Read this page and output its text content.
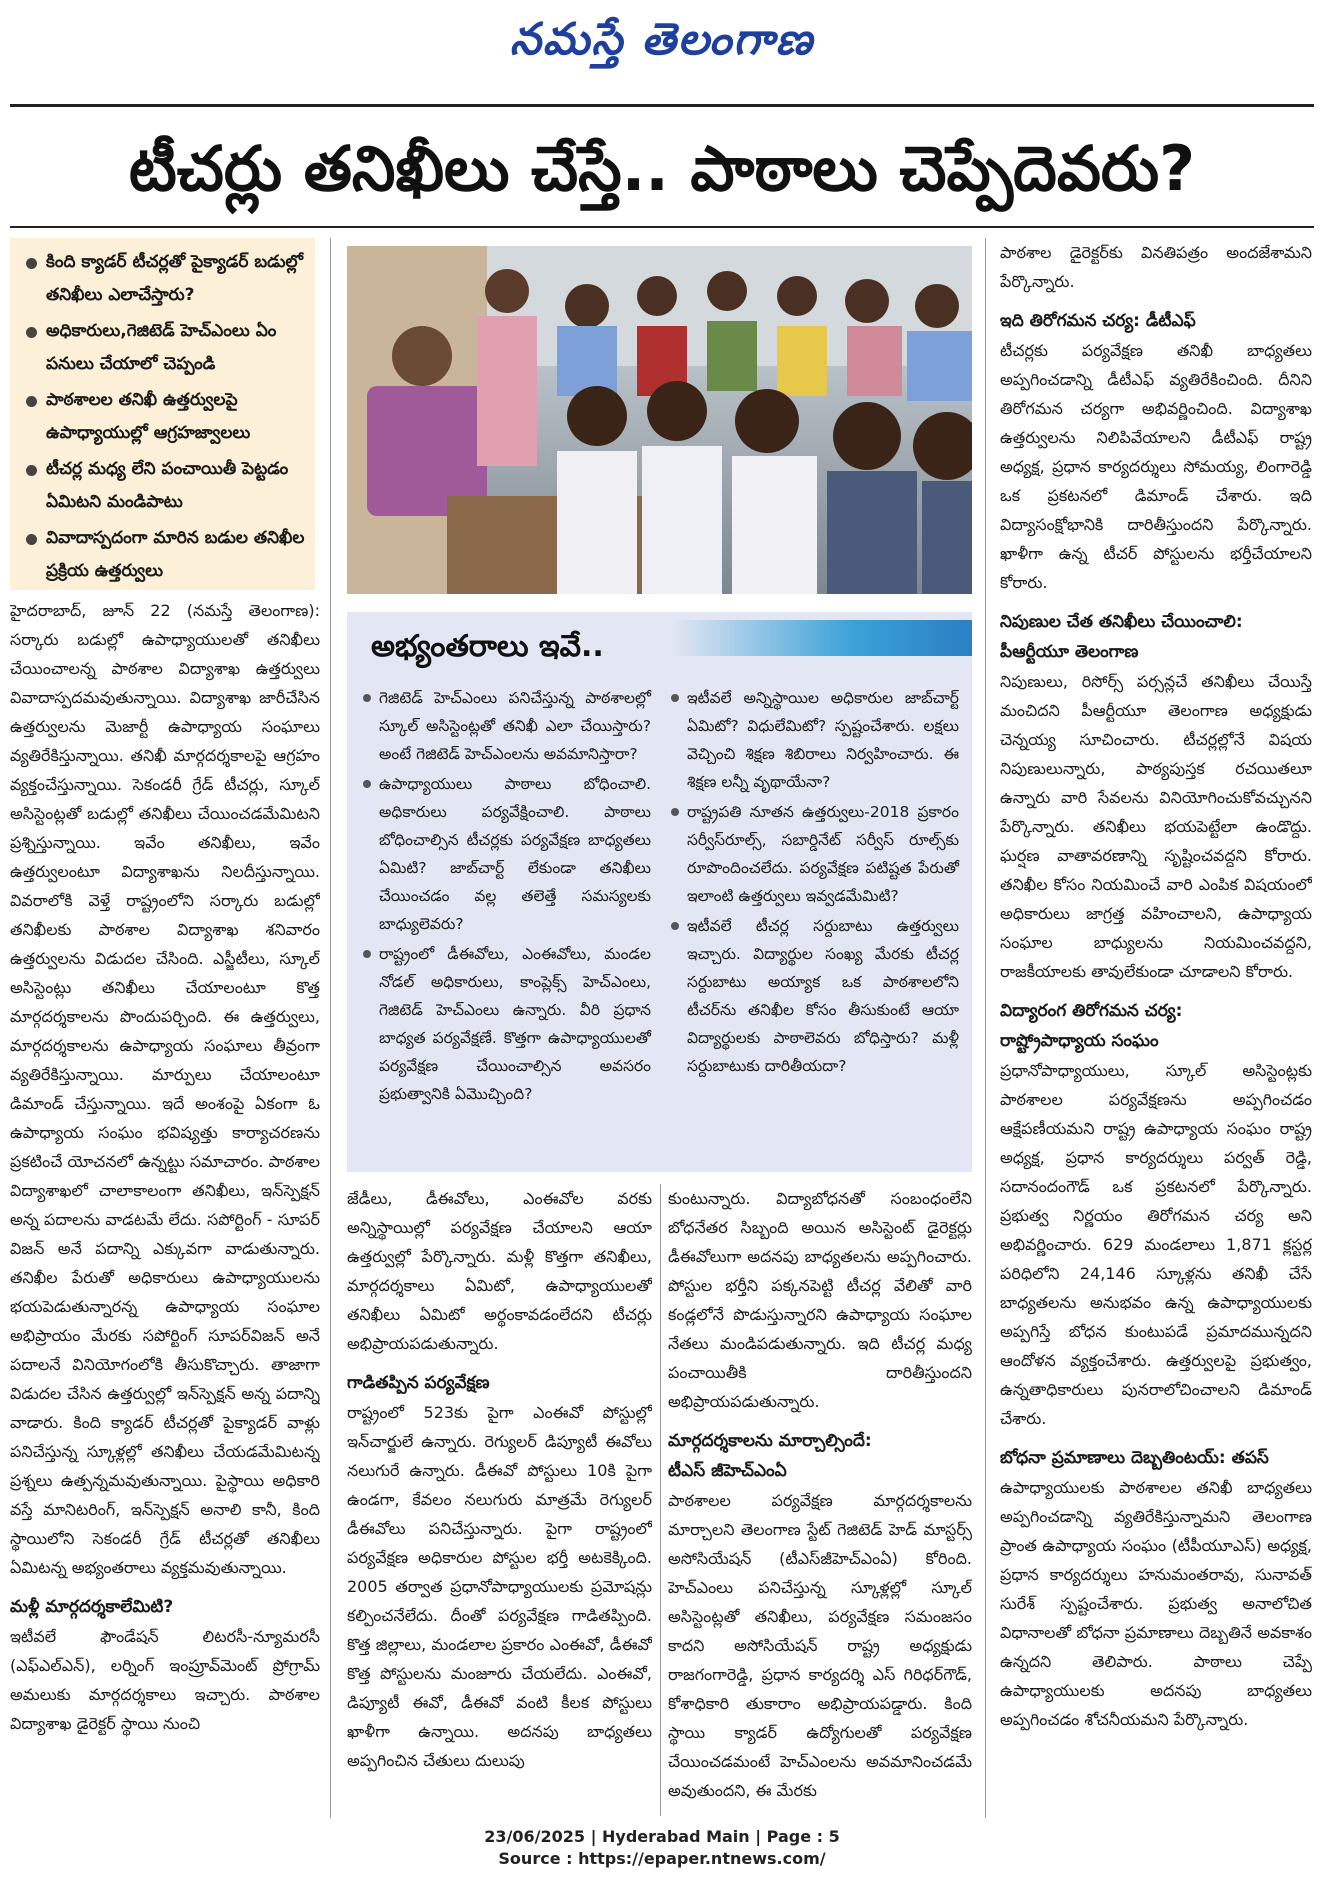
నమస్తే తెలంగాణ
టీచర్లు తనిఖీలు చేస్తే.. పాఠాలు చెప్పేదెవరు?
కింది క్యాడర్ టీచర్లతో పైక్యాడర్ బడుల్లో తనిఖీలు ఎలాచేస్తారు?
అధికారులు,గెజిటెడ్ హెచ్ఎంలు ఏం పనులు చేయాలో చెప్పండి
పాఠశాలల తనిఖీ ఉత్తర్వులపై ఉపాధ్యాయుల్లో ఆగ్రహజ్వాలలు
టీచర్ల మధ్య లేని పంచాయితీ పెట్టడం ఏమిటని మండిపాటు
వివాదాస్పదంగా మారిన బడుల తనిఖీల ప్రక్రియ ఉత్తర్వులు

హైదరాబాద్, జూన్ 22 (నమస్తే తెలంగాణ): సర్కారు బడుల్లో ఉపాధ్యాయులతో తనిఖీలు చేయించాలన్న పాఠశాల విద్యాశాఖ ఉత్తర్వులు వివాదాస్పదమవుతున్నాయి. విద్యాశాఖ జారీచేసిన ఉత్తర్వులను మెజార్టీ ఉపాధ్యాయ సంఘాలు వ్యతిరేకిస్తున్నాయి. తనిఖీ మార్గదర్శకాలపై ఆగ్రహం వ్యక్తంచేస్తున్నాయి. సెకండరీ గ్రేడ్ టీచర్లు, స్కూల్ అసిస్టెంట్లతో బడుల్లో తనిఖీలు చేయించడమేమిటని ప్రశ్నిస్తున్నాయి. ఇవేం తనిఖీలు, ఇవేం ఉత్తర్వులంటూ విద్యాశాఖను నిలదీస్తున్నాయి. వివరాలోకి వెళ్తే రాష్ట్రంలోని సర్కారు బడుల్లో తనిఖీలకు పాఠశాల విద్యాశాఖ శనివారం ఉత్తర్వులను విడుదల చేసింది. ఎస్జీటీలు, స్కూల్ అసిస్టెంట్లు తనిఖీలు చేయాలంటూ కొత్త మార్గదర్శకాలను పొందుపర్చింది. ఈ ఉత్తర్వులు, మార్గదర్శకాలను ఉపాధ్యాయ సంఘాలు తీవ్రంగా వ్యతిరేకిస్తున్నాయి. మార్పులు చేయాలంటూ డిమాండ్ చేస్తున్నాయి. ఇదే అంశంపై ఏకంగా ఓ ఉపాధ్యాయ సంఘం భవిష్యత్తు కార్యాచరణను ప్రకటించే యోచనలో ఉన్నట్టు సమాచారం. పాఠశాల విద్యాశాఖలో చాలాకాలంగా తనిఖీలు, ఇన్‌స్పెక్షన్ అన్న పదాలను వాడటమే లేదు. సపోర్టింగ్ - సూపర్ విజన్ అనే పదాన్ని ఎక్కువగా వాడుతున్నారు. తనిఖీల పేరుతో అధికారులు ఉపాధ్యాయులను భయపెడుతున్నారన్న ఉపాధ్యాయ సంఘాల అభిప్రాయం మేరకు సపోర్టింగ్ సూపర్‌విజన్ అనే పదాలనే వినియోగంలోకి తీసుకొచ్చారు. తాజాగా విడుదల చేసిన ఉత్తర్వుల్లో ఇన్‌స్పెక్షన్ అన్న పదాన్ని వాడారు. కింది క్యాడర్ టీచర్లతో పైక్యాడర్ వాళ్లు పనిచేస్తున్న స్కూళ్లల్లో తనిఖీలు చేయడమేమిటన్న ప్రశ్నలు ఉత్పన్నమవుతున్నాయి. పైస్థాయి అధికారి వస్తే మానిటరింగ్, ఇన్‌స్పెక్షన్ అనాలి కానీ, కింది స్థాయిలోని సెకండరీ గ్రేడ్ టీచర్లతో తనిఖీలు ఏమిటన్న అభ్యంతరాలు వ్యక్తమవుతున్నాయి.

మళ్లీ మార్గదర్శకాలేమిటి?

ఇటీవలే ఫౌండేషన్ లిటరసీ-న్యూమరసీ (ఎఫ్ఎల్ఎన్), లర్నింగ్ ఇంప్రూవ్‌మెంట్ ప్రోగ్రామ్ అమలుకు మార్గదర్శకాలు ఇచ్చారు. పాఠశాల విద్యాశాఖ డైరెక్టర్ స్థాయి నుంచి

అభ్యంతరాలు ఇవే..
గెజిటెడ్ హెచ్ఎంలు పనిచేస్తున్న పాఠశాలల్లో స్కూల్ అసిస్టెంట్లతో తనిఖీ ఎలా చేయిస్తారు? అంటే గెజిటెడ్ హెచ్ఎంలను అవమానిస్తారా?
ఉపాధ్యాయులు పాఠాలు బోధించాలి. అధికారులు పర్యవేక్షించాలి. పాఠాలు బోధించాల్సిన టీచర్లకు పర్యవేక్షణ బాధ్యతలు ఏమిటి? జాబ్‌చార్ట్ లేకుండా తనిఖీలు చేయించడం వల్ల తలెత్తే సమస్యలకు బాధ్యులెవరు?
రాష్ట్రంలో డీఈవోలు, ఎంఈవోలు, మండల నోడల్ అధికారులు, కాంప్లెక్స్ హెచ్ఎంలు, గెజిటెడ్ హెచ్ఎంలు ఉన్నారు. వీరి ప్రధాన బాధ్యత పర్యవేక్షణే. కొత్తగా ఉపాధ్యాయులతో పర్యవేక్షణ చేయించాల్సిన అవసరం ప్రభుత్వానికి ఏమొచ్చింది?
ఇటీవలే అన్నిస్థాయిల అధికారుల జాబ్‌చార్ట్ ఏమిటో? విధులేమిటో? స్పష్టంచేశారు. లక్షలు వెచ్చించి శిక్షణ శిబిరాలు నిర్వహించారు. ఈ శిక్షణ లన్నీ వృథాయేనా?
రాష్ట్రపతి నూతన ఉత్తర్వులు-2018 ప్రకారం సర్వీస్‌రూల్స్, సబార్డినేట్ సర్వీస్ రూల్స్‌కు రూపొందించలేదు. పర్యవేక్షణ పటిష్టత పేరుతో ఇలాంటి ఉత్తర్వులు ఇవ్వడమేమిటి?
ఇటీవలే టీచర్ల సర్దుబాటు ఉత్తర్వులు ఇచ్చారు. విద్యార్థుల సంఖ్య మేరకు టీచర్ల సర్దుబాటు అయ్యాక ఒక పాఠశాలలోని టీచర్‌ను తనిఖీల కోసం తీసుకుంటే ఆయా విద్యార్థులకు పాఠాలెవరు బోధిస్తారు? మళ్లీ సర్దుబాటుకు దారితీయదా?

జేడీలు, డీఈవోలు, ఎంఈవోల వరకు అన్నిస్థాయిల్లో పర్యవేక్షణ చేయాలని ఆయా ఉత్తర్వుల్లో పేర్కొన్నారు. మళ్లీ కొత్తగా తనిఖీలు, మార్గదర్శకాలు ఏమిటో, ఉపాధ్యాయులతో తనిఖీలు ఏమిటో అర్థంకావడంలేదని టీచర్లు అభిప్రాయపడుతున్నారు.

గాడితప్పిన పర్యవేక్షణ

రాష్ట్రంలో 523కు పైగా ఎంఈవో పోస్టుల్లో ఇన్‌చార్జులే ఉన్నారు. రెగ్యులర్ డిప్యూటీ ఈవోలు నలుగురే ఉన్నారు. డీఈవో పోస్టులు 10కి పైగా ఉండగా, కేవలం నలుగురు మాత్రమే రెగ్యులర్ డీఈవోలు పనిచేస్తున్నారు. పైగా రాష్ట్రంలో పర్యవేక్షణ అధికారుల పోస్టుల భర్తీ అటకెక్కింది. 2005 తర్వాత ప్రధానోపాధ్యాయులకు ప్రమోషన్లు కల్పించనేలేదు. దీంతో పర్యవేక్షణ గాడితప్పింది. కొత్త జిల్లాలు, మండలాల ప్రకారం ఎంఈవో, డీఈవో కొత్త పోస్టులను మంజూరు చేయలేదు. ఎంఈవో, డిప్యూటీ ఈవో, డీఈవో వంటి కీలక పోస్టులు ఖాళీగా ఉన్నాయి. అదనపు బాధ్యతలు అప్పగించిన చేతులు దులుపు

కుంటున్నారు. విద్యాబోధనతో సంబంధంలేని బోధనేతర సిబ్బంది అయిన అసిస్టెంట్ డైరెక్టర్లు డీఈవోలుగా అదనపు బాధ్యతలను అప్పగించారు. పోస్టుల భర్తీని పక్కనపెట్టి టీచర్ల వేలితో వారి కండ్లలోనే పొడుస్తున్నారని ఉపాధ్యాయ సంఘాల నేతలు మండిపడుతున్నారు. ఇది టీచర్ల మధ్య పంచాయితీకి దారితీస్తుందని అభిప్రాయపడుతున్నారు.

మార్గదర్శకాలను మార్చాల్సిందే:

టీఎస్ జీహెచ్ఎంఏ

పాఠశాలల పర్యవేక్షణ మార్గదర్శకాలను మార్చాలని తెలంగాణ స్టేట్ గెజిటెడ్ హెడ్ మాస్టర్స్ అసోసియేషన్ (టీఎస్‌జీహెచ్ఎంఏ) కోరింది. హెచ్ఎంలు పనిచేస్తున్న స్కూళ్లల్లో స్కూల్ అసిస్టెంట్లతో తనిఖీలు, పర్యవేక్షణ సమంజసం కాదని అసోసియేషన్ రాష్ట్ర అధ్యక్షుడు రాజగంగారెడ్డి, ప్రధాన కార్యదర్శి ఎస్ గిరిధర్‌గౌడ్, కోశాధికారి తుకారాం అభిప్రాయపడ్డారు. కింది స్థాయి క్యాడర్ ఉద్యోగులతో పర్యవేక్షణ చేయించడమంటే హెచ్ఎంలను అవమానించడమే అవుతుందని, ఈ మేరకు

పాఠశాల డైరెక్టర్‌కు వినతిపత్రం అందజేశామని పేర్కొన్నారు.

ఇది తిరోగమన చర్య: డీటీఎఫ్

టీచర్లకు పర్యవేక్షణ తనిఖీ బాధ్యతలు అప్పగించడాన్ని డీటీఎఫ్ వ్యతిరేకించింది. దీనిని తిరోగమన చర్యగా అభివర్ణించింది. విద్యాశాఖ ఉత్తర్వులను నిలిపివేయాలని డీటీఎఫ్ రాష్ట్ర అధ్యక్ష, ప్రధాన కార్యదర్శులు సోమయ్య, లింగారెడ్డి ఒక ప్రకటనలో డిమాండ్ చేశారు. ఇది విద్యాసంక్షోభానికి దారితీస్తుందని పేర్కొన్నారు. ఖాళీగా ఉన్న టీచర్ పోస్టులను భర్తీచేయాలని కోరారు.

నిపుణుల చేత తనిఖీలు చేయించాలి:

పీఆర్టీయూ తెలంగాణ

నిపుణులు, రిసోర్స్ పర్సన్లచే తనిఖీలు చేయిస్తే మంచిదని పీఆర్టీయూ తెలంగాణ అధ్యక్షుడు చెన్నయ్య సూచించారు. టీచర్లల్లోనే విషయ నిపుణులున్నారు, పాఠ్యపుస్తక రచయితలూ ఉన్నారు వారి సేవలను వినియోగించుకోవచ్చునని పేర్కొన్నారు. తనిఖీలు భయపెట్టేలా ఉండొద్దు. ఘర్షణ వాతావరణాన్ని సృష్టించవద్దని కోరారు. తనిఖీల కోసం నియమించే వారి ఎంపిక విషయంలో అధికారులు జాగ్రత్త వహించాలని, ఉపాధ్యాయ సంఘాల బాధ్యులను నియమించవద్దని, రాజకీయాలకు తావులేకుండా చూడాలని కోరారు.

విద్యారంగ తిరోగమన చర్య:

రాష్ట్రోపాధ్యాయ సంఘం

ప్రధానోపాధ్యాయులు, స్కూల్ అసిస్టెంట్లకు పాఠశాలల పర్యవేక్షణను అప్పగించడం ఆక్షేపణీయమని రాష్ట్ర ఉపాధ్యాయ సంఘం రాష్ట్ర అధ్యక్ష, ప్రధాన కార్యదర్శులు పర్వత్ రెడ్డి, సదానందంగౌడ్ ఒక ప్రకటనలో పేర్కొన్నారు. ప్రభుత్వ నిర్ణయం తిరోగమన చర్య అని అభివర్ణించారు. 629 మండలాలు 1,871 క్లస్టర్ల పరిధిలోని 24,146 స్కూళ్లను తనిఖీ చేసే బాధ్యతలను అనుభవం ఉన్న ఉపాధ్యాయులకు అప్పగిస్తే బోధన కుంటుపడే ప్రమాదమున్నదని ఆందోళన వ్యక్తంచేశారు. ఉత్తర్వులపై ప్రభుత్వం, ఉన్నతాధికారులు పునరాలోచించాలని డిమాండ్ చేశారు.

బోధనా ప్రమాణాలు దెబ్బతింటయ్: తపస్

ఉపాధ్యాయులకు పాఠశాలల తనిఖీ బాధ్యతలు అప్పగించడాన్ని వ్యతిరేకిస్తున్నామని తెలంగాణ ప్రాంత ఉపాధ్యాయ సంఘం (టీపీయూఎస్) అధ్యక్ష, ప్రధాన కార్యదర్శులు హనుమంతరావు, సునావత్ సురేశ్ స్పష్టంచేశారు. ప్రభుత్వ అనాలోచిత విధానాలతో బోధనా ప్రమాణాలు దెబ్బతినే అవకాశం ఉన్నదని తెలిపారు. పాఠాలు చెప్పే ఉపాధ్యాయులకు అదనపు బాధ్యతలు అప్పగించడం శోచనీయమని పేర్కొన్నారు.

23/06/2025 | Hyderabad Main | Page : 5
Source : https://epaper.ntnews.com/
